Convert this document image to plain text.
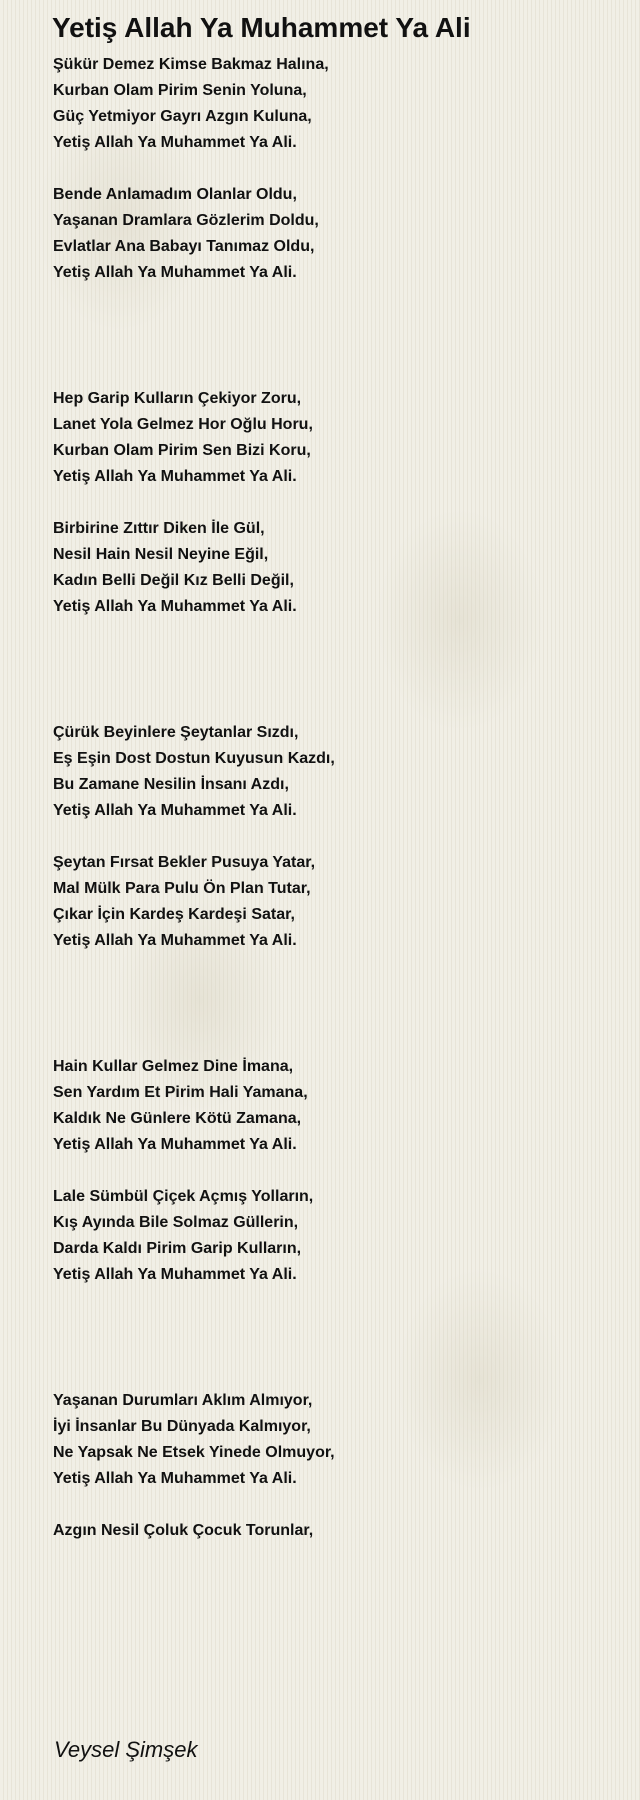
Yetiş Allah Ya Muhammet Ya Ali

Şükür Demez Kimse Bakmaz Halına,
Kurban Olam Pirim Senin Yoluna,
Güç Yetmiyor Gayrı Azgın Kuluna,
Yetiş Allah Ya Muhammet Ya Ali.

Bende Anlamadım Olanlar Oldu,
Yaşanan Dramlara Gözlerim Doldu,
Evlatlar Ana Babayı Tanımaz Oldu,
Yetiş Allah Ya Muhammet Ya Ali.

Hep Garip Kulların Çekiyor Zoru,
Lanet Yola Gelmez Hor Oğlu Horu,
Kurban Olam Pirim Sen Bizi Koru,
Yetiş Allah Ya Muhammet Ya Ali.

Birbirine Zıttır Diken İle Gül,
Nesil Hain Nesil Neyine Eğil,
Kadın Belli Değil Kız Belli Değil,
Yetiş Allah Ya Muhammet Ya Ali.

Çürük Beyinlere Şeytanlar Sızdı,
Eş Eşin Dost Dostun Kuyusun Kazdı,
Bu Zamane Nesilin İnsanı Azdı,
Yetiş Allah Ya Muhammet Ya Ali.

Şeytan Fırsat Bekler Pusuya Yatar,
Mal Mülk Para Pulu Ön Plan Tutar,
Çıkar İçin Kardeş Kardeşi Satar,
Yetiş Allah Ya Muhammet Ya Ali.

Hain Kullar Gelmez Dine İmana,
Sen Yardım Et Pirim Hali Yamana,
Kaldık Ne Günlere Kötü Zamana,
Yetiş Allah Ya Muhammet Ya Ali.

Lale Sümbül Çiçek Açmış Yolların,
Kış Ayında Bile Solmaz Güllerin,
Darda Kaldı Pirim Garip Kulların,
Yetiş Allah Ya Muhammet Ya Ali.

Yaşanan Durumları Aklım Almıyor,
İyi İnsanlar Bu Dünyada Kalmıyor,
Ne Yapsak Ne Etsek Yinede Olmuyor,
Yetiş Allah Ya Muhammet Ya Ali.

Azgın Nesil Çoluk Çocuk Torunlar,

Veysel Şimşek
